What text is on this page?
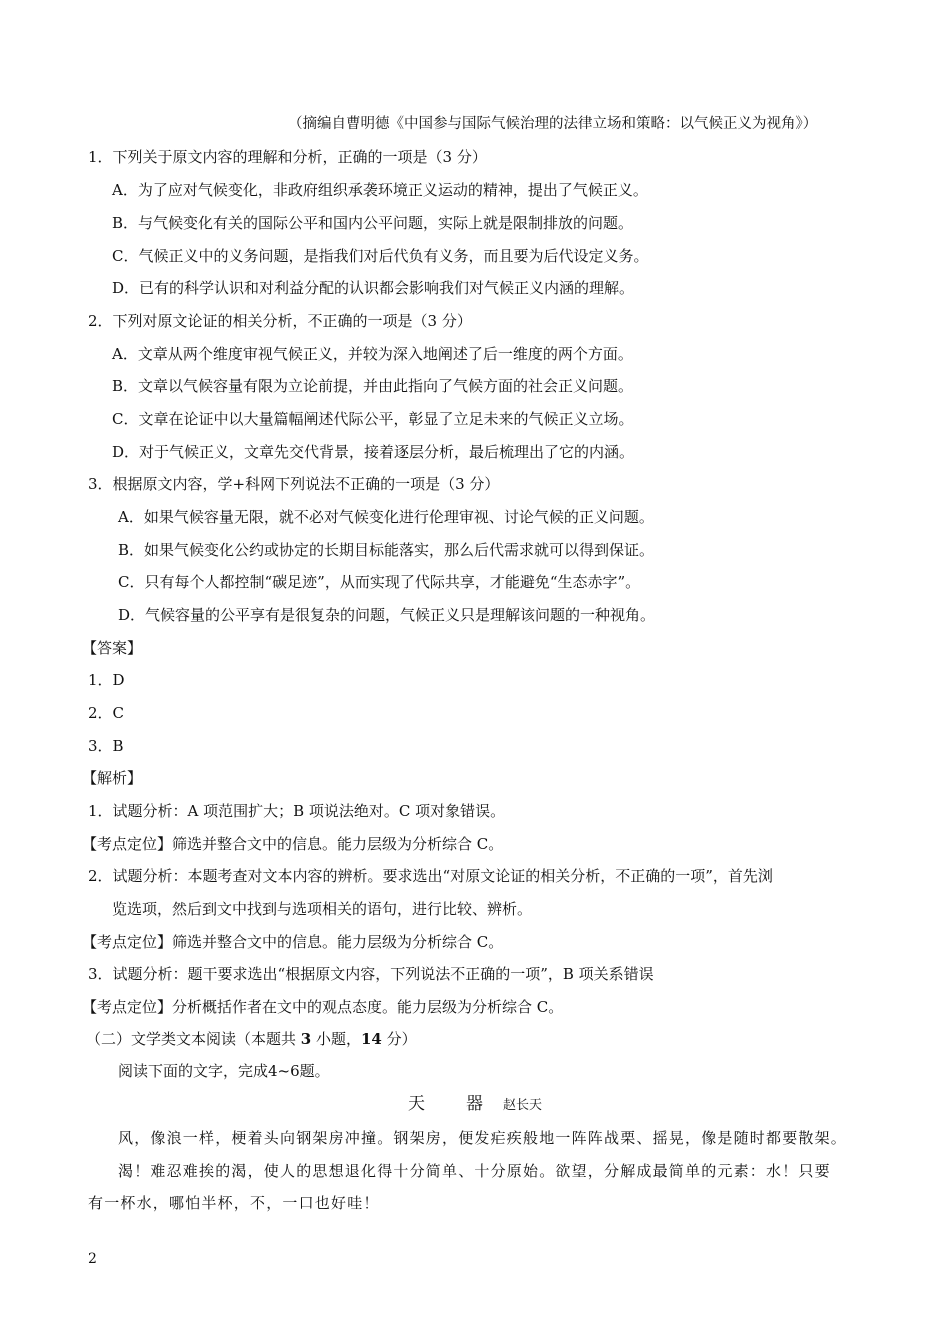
（摘编自曹明德《中国参与国际气候治理的法律立场和策略：以气候正义为视角》）
1．下列关于原文内容的理解和分析，正确的一项是（3 分）
A．为了应对气候变化，非政府组织承袭环境正义运动的精神，提出了气候正义。
B．与气候变化有关的国际公平和国内公平问题，实际上就是限制排放的问题。
C．气候正义中的义务问题，是指我们对后代负有义务，而且要为后代设定义务。
D．已有的科学认识和对利益分配的认识都会影响我们对气候正义内涵的理解。
2．下列对原文论证的相关分析，不正确的一项是（3 分）
A．文章从两个维度审视气候正义，并较为深入地阐述了后一维度的两个方面。
B．文章以气候容量有限为立论前提，并由此指向了气候方面的社会正义问题。
C．文章在论证中以大量篇幅阐述代际公平，彰显了立足未来的气候正义立场。
D．对于气候正义，文章先交代背景，接着逐层分析，最后梳理出了它的内涵。
3．根据原文内容，学+科网下列说法不正确的一项是（3 分）
A．如果气候容量无限，就不必对气候变化进行伦理审视、讨论气候的正义问题。
B．如果气候变化公约或协定的长期目标能落实，那么后代需求就可以得到保证。
C．只有每个人都控制“碳足迹”，从而实现了代际共享，才能避免“生态赤字”。
D．气候容量的公平享有是很复杂的问题，气候正义只是理解该问题的一种视角。
【答案】
1．D
2．C
3．B
【解析】
1．试题分析：A 项范围扩大；B 项说法绝对。C 项对象错误。
【考点定位】筛选并整合文中的信息。能力层级为分析综合 C。
2．试题分析：本题考查对文本内容的辨析。要求选出“对原文论证的相关分析，不正确的一项”，首先浏
览选项，然后到文中找到与选项相关的语句，进行比较、辨析。
【考点定位】筛选并整合文中的信息。能力层级为分析综合 C。
3．试题分析：题干要求选出“根据原文内容，下列说法不正确的一项”，B 项关系错误
【考点定位】分析概括作者在文中的观点态度。能力层级为分析综合 C。
（二）文学类文本阅读（本题共 3 小题，14 分）
阅读下面的文字，完成4~6题。
天　器 赵长天
风，像浪一样，梗着头向钢架房冲撞。钢架房，便发疟疾般地一阵阵战栗、摇晃，像是随时都要散架。
渴！难忍难挨的渴，使人的思想退化得十分简单、十分原始。欲望，分解成最简单的元素：水！只要
有一杯水，哪怕半杯，不，一口也好哇！
2
